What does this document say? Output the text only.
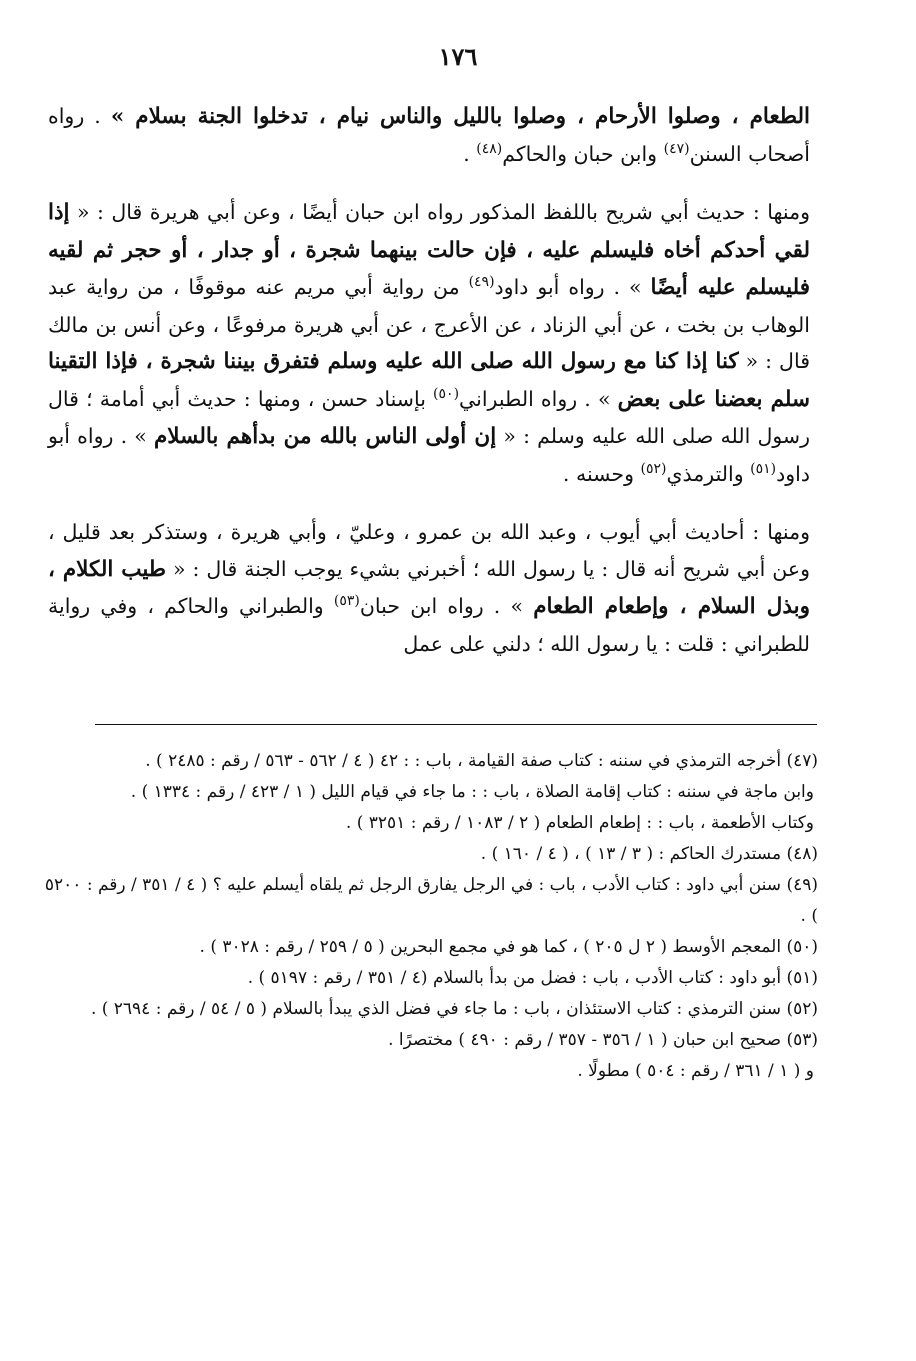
١٧٦

الطعام ، وصلوا الأرحام ، وصلوا بالليل والناس نيام ، تدخلوا الجنة بسلام » . رواه أصحاب السنن$^{(٤٧)}$ وابن حبان والحاكم$^{(٤٨)}$ .

ومنها : حديث أبي شريح باللفظ المذكور رواه ابن حبان أيضًا ، وعن أبي هريرة قال : « إذا لقي أحدكم أخاه فليسلم عليه ، فإن حالت بينهما شجرة ، أو جدار ، أو حجر ثم لقيه فليسلم عليه أيضًا » . رواه أبو داود$^{(٤٩)}$ من رواية أبي مريم عنه موقوفًا ، من رواية عبد الوهاب بن بخت ، عن أبي الزناد ، عن الأعرج ، عن أبي هريرة مرفوعًا ، وعن أنس بن مالك قال : « كنا إذا كنا مع رسول الله صلى الله عليه وسلم فتفرق بيننا شجرة ، فإذا التقينا سلم بعضنا على بعض » . رواه الطبراني$^{(٥٠)}$ بإسناد حسن ، ومنها : حديث أبي أمامة ؛ قال رسول الله صلى الله عليه وسلم : « إن أولى الناس بالله من بدأهم بالسلام » . رواه أبو داود$^{(٥١)}$ والترمذي$^{(٥٢)}$ وحسنه .

ومنها : أحاديث أبي أيوب ، وعبد الله بن عمرو ، وعليّ ، وأبي هريرة ، وستذكر بعد قليل ، وعن أبي شريح أنه قال : يا رسول الله ؛ أخبرني بشيء يوجب الجنة قال : « طيب الكلام ، وبذل السلام ، وإطعام الطعام » . رواه ابن حبان$^{(٥٣)}$ والطبراني والحاكم ، وفي رواية للطبراني : قلت : يا رسول الله ؛ دلني على عمل

(٤٧) أخرجه الترمذي في سننه : كتاب صفة القيامة ، باب : : ٤٢ ( ٤ / ٥٦٢ - ٥٦٣ / رقم : ٢٤٨٥ ) .

وابن ماجة في سننه : كتاب إقامة الصلاة ، باب : : ما جاء في قيام الليل ( ١ / ٤٢٣ / رقم : ١٣٣٤ ) .

وكتاب الأطعمة ، باب : : إطعام الطعام ( ٢ / ١٠٨٣ / رقم : ٣٢٥١ ) .

(٤٨) مستدرك الحاكم : ( ٣ / ١٣ ) ، ( ٤ / ١٦٠ ) .

(٤٩) سنن أبي داود : كتاب الأدب ، باب : في الرجل يفارق الرجل ثم يلقاه أيسلم عليه ؟ ( ٤ / ٣٥١ / رقم : ٥٢٠٠ ) .

(٥٠) المعجم الأوسط ( ٢ ل ٢٠٥ ) ، كما هو في مجمع البحرين ( ٥ / ٢٥٩ / رقم : ٣٠٢٨ ) .

(٥١) أبو داود : كتاب الأدب ، باب : فضل من بدأ بالسلام (٤ / ٣٥١ / رقم : ٥١٩٧ ) .

(٥٢) سنن الترمذي : كتاب الاستئذان ، باب : ما جاء في فضل الذي يبدأ بالسلام ( ٥ / ٥٤ / رقم : ٢٦٩٤ ) .

(٥٣) صحيح ابن حبان ( ١ / ٣٥٦ - ٣٥٧ / رقم : ٤٩٠ ) مختصرًا .

و ( ١ / ٣٦١ / رقم : ٥٠٤ ) مطولًا .
